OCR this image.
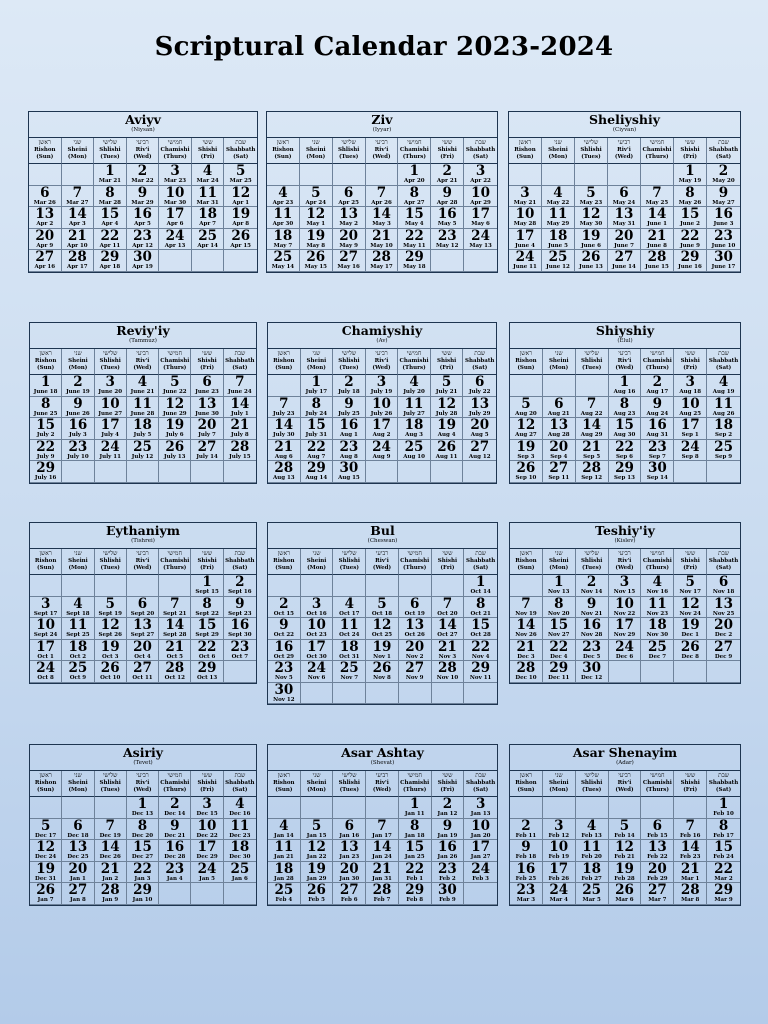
Scriptural Calendar 2023-2024
Aviyv
(Niysan)
ראשן
Rishon
(Sun)
שני
Sheini
(Mon)
שלישי
Shlishi
(Tues)
רביעי
Riv'i
(Wed)
חמישי
Chamishi
(Thurs)
ששי
Shishi
(Fri)
שבת
Shabbath
(Sat)
1
Mar 21
2
Mar 22
3
Mar 23
4
Mar 24
5
Mar 25
6
Mar 26
7
Mar 27
8
Mar 28
9
Mar 29
10
Mar 30
11
Mar 31
12
Apr 1
13
Apr 2
14
Apr 3
15
Apr 4
16
Apr 5
17
Apr 6
18
Apr 7
19
Apr 8
20
Apr 9
21
Apr 10
22
Apr 11
23
Apr 12
24
Apr 13
25
Apr 14
26
Apr 15
27
Apr 16
28
Apr 17
29
Apr 18
30
Apr 19
Ziv
(Iyyar)
ראשן
Rishon
(Sun)
שני
Sheini
(Mon)
שלישי
Shlishi
(Tues)
רביעי
Riv'i
(Wed)
חמישי
Chamishi
(Thurs)
ששי
Shishi
(Fri)
שבת
Shabbath
(Sat)
1
Apr 20
2
Apr 21
3
Apr 22
4
Apr 23
5
Apr 24
6
Apr 25
7
Apr 26
8
Apr 27
9
Apr 28
10
Apr 29
11
Apr 30
12
May 1
13
May 2
14
May 3
15
May 4
16
May 5
17
May 6
18
May 7
19
May 8
20
May 9
21
May 10
22
May 11
23
May 12
24
May 13
25
May 14
26
May 15
27
May 16
28
May 17
29
May 18
Sheliyshiy
(Ciyvan)
ראשן
Rishon
(Sun)
שני
Sheini
(Mon)
שלישי
Shlishi
(Tues)
רביעי
Riv'i
(Wed)
חמישי
Chamishi
(Thurs)
ששי
Shishi
(Fri)
שבת
Shabbath
(Sat)
1
May 19
2
May 20
3
May 21
4
May 22
5
May 23
6
May 24
7
May 25
8
May 26
9
May 27
10
May 28
11
May 29
12
May 30
13
May 31
14
June 1
15
June 2
16
June 3
17
June 4
18
June 5
19
June 6
20
June 7
21
June 8
22
June 9
23
June 10
24
June 11
25
June 12
26
June 13
27
June 14
28
June 15
29
June 16
30
June 17
Reviy'iy
(Tammuz)
ראשן
Rishon
(Sun)
שני
Sheini
(Mon)
שלישי
Shlishi
(Tues)
רביעי
Riv'i
(Wed)
חמישי
Chamishi
(Thurs)
ששי
Shishi
(Fri)
שבת
Shabbath
(Sat)
1
June 18
2
June 19
3
June 20
4
June 21
5
June 22
6
June 23
7
June 24
8
June 25
9
June 26
10
June 27
11
June 28
12
June 29
13
June 30
14
July 1
15
July 2
16
July 3
17
July 4
18
July 5
19
July 6
20
July 7
21
July 8
22
July 9
23
July 10
24
July 11
25
July 12
26
July 13
27
July 14
28
July 15
29
July 16
Chamiyshiy
(Av)
ראשן
Rishon
(Sun)
שני
Sheini
(Mon)
שלישי
Shlishi
(Tues)
רביעי
Riv'i
(Wed)
חמישי
Chamishi
(Thurs)
ששי
Shishi
(Fri)
שבת
Shabbath
(Sat)
1
July 17
2
July 18
3
July 19
4
July 20
5
July 21
6
July 22
7
July 23
8
July 24
9
July 25
10
July 26
11
July 27
12
July 28
13
July 29
14
July 30
15
July 31
16
Aug 1
17
Aug 2
18
Aug 3
19
Aug 4
20
Aug 5
21
Aug 6
22
Aug 7
23
Aug 8
24
Aug 9
25
Aug 10
26
Aug 11
27
Aug 12
28
Aug 13
29
Aug 14
30
Aug 15
Shiyshiy
(Elul)
ראשן
Rishon
(Sun)
שני
Sheini
(Mon)
שלישי
Shlishi
(Tues)
רביעי
Riv'i
(Wed)
חמישי
Chamishi
(Thurs)
ששי
Shishi
(Fri)
שבת
Shabbath
(Sat)
1
Aug 16
2
Aug 17
3
Aug 18
4
Aug 19
5
Aug 20
6
Aug 21
7
Aug 22
8
Aug 23
9
Aug 24
10
Aug 25
11
Aug 26
12
Aug 27
13
Aug 28
14
Aug 29
15
Aug 30
16
Aug 31
17
Sep 1
18
Sep 2
19
Sep 3
20
Sep 4
21
Sep 5
22
Sep 6
23
Sep 7
24
Sep 8
25
Sep 9
26
Sep 10
27
Sep 11
28
Sep 12
29
Sep 13
30
Sep 14
Eythaniym
(Tishrei)
ראשן
Rishon
(Sun)
שני
Sheini
(Mon)
שלישי
Shlishi
(Tues)
רביעי
Riv'i
(Wed)
חמישי
Chamishi
(Thurs)
ששי
Shishi
(Fri)
שבת
Shabbath
(Sat)
1
Sept 15
2
Sept 16
3
Sept 17
4
Sept 18
5
Sept 19
6
Sept 20
7
Sept 21
8
Sept 22
9
Sept 23
10
Sept 24
11
Sept 25
12
Sept 26
13
Sept 27
14
Sept 28
15
Sept 29
16
Sept 30
17
Oct 1
18
Oct 2
19
Oct 3
20
Oct 4
21
Oct 5
22
Oct 6
23
Oct 7
24
Oct 8
25
Oct 9
26
Oct 10
27
Oct 11
28
Oct 12
29
Oct 13
Bul
(Cheswan)
ראשן
Rishon
(Sun)
שני
Sheini
(Mon)
שלישי
Shlishi
(Tues)
רביעי
Riv'i
(Wed)
חמישי
Chamishi
(Thurs)
ששי
Shishi
(Fri)
שבת
Shabbath
(Sat)
1
Oct 14
2
Oct 15
3
Oct 16
4
Oct 17
5
Oct 18
6
Oct 19
7
Oct 20
8
Oct 21
9
Oct 22
10
Oct 23
11
Oct 24
12
Oct 25
13
Oct 26
14
Oct 27
15
Oct 28
16
Oct 29
17
Oct 30
18
Oct 31
19
Nov 1
20
Nov 2
21
Nov 3
22
Nov 4
23
Nov 5
24
Nov 6
25
Nov 7
26
Nov 8
27
Nov 9
28
Nov 10
29
Nov 11
30
Nov 12
Teshiy'iy
(Kislev)
ראשן
Rishon
(Sun)
שני
Sheini
(Mon)
שלישי
Shlishi
(Tues)
רביעי
Riv'i
(Wed)
חמישי
Chamishi
(Thurs)
ששי
Shishi
(Fri)
שבת
Shabbath
(Sat)
1
Nov 13
2
Nov 14
3
Nov 15
4
Nov 16
5
Nov 17
6
Nov 18
7
Nov 19
8
Nov 20
9
Nov 21
10
Nov 22
11
Nov 23
12
Nov 24
13
Nov 25
14
Nov 26
15
Nov 27
16
Nov 28
17
Nov 29
18
Nov 30
19
Dec 1
20
Dec 2
21
Dec 3
22
Dec 4
23
Dec 5
24
Dec 6
25
Dec 7
26
Dec 8
27
Dec 9
28
Dec 10
29
Dec 11
30
Dec 12
Asiriy
(Tevet)
ראשן
Rishon
(Sun)
שני
Sheini
(Mon)
שלישי
Shlishi
(Tues)
רביעי
Riv'i
(Wed)
חמישי
Chamishi
(Thurs)
ששי
Shishi
(Fri)
שבת
Shabbath
(Sat)
1
Dec 13
2
Dec 14
3
Dec 15
4
Dec 16
5
Dec 17
6
Dec 18
7
Dec 19
8
Dec 20
9
Dec 21
10
Dec 22
11
Dec 23
12
Dec 24
13
Dec 25
14
Dec 26
15
Dec 27
16
Dec 28
17
Dec 29
18
Dec 30
19
Dec 31
20
Jan 1
21
Jan 2
22
Jan 3
23
Jan 4
24
Jan 5
25
Jan 6
26
Jan 7
27
Jan 8
28
Jan 9
29
Jan 10
Asar Ashtay
(Shevat)
ראשן
Rishon
(Sun)
שני
Sheini
(Mon)
שלישי
Shlishi
(Tues)
רביעי
Riv'i
(Wed)
חמישי
Chamishi
(Thurs)
ששי
Shishi
(Fri)
שבת
Shabbath
(Sat)
1
Jan 11
2
Jan 12
3
Jan 13
4
Jan 14
5
Jan 15
6
Jan 16
7
Jan 17
8
Jan 18
9
Jan 19
10
Jan 20
11
Jan 21
12
Jan 22
13
Jan 23
14
Jan 24
15
Jan 25
16
Jan 26
17
Jan 27
18
Jan 28
19
Jan 29
20
Jan 30
21
Jan 31
22
Feb 1
23
Feb 2
24
Feb 3
25
Feb 4
26
Feb 5
27
Feb 6
28
Feb 7
29
Feb 8
30
Feb 9
Asar Shenayim
(Adar)
ראשן
Rishon
(Sun)
שני
Sheini
(Mon)
שלישי
Shlishi
(Tues)
רביעי
Riv'i
(Wed)
חמישי
Chamishi
(Thurs)
ששי
Shishi
(Fri)
שבת
Shabbath
(Sat)
1
Feb 10
2
Feb 11
3
Feb 12
4
Feb 13
5
Feb 14
6
Feb 15
7
Feb 16
8
Feb 17
9
Feb 18
10
Feb 19
11
Feb 20
12
Feb 21
13
Feb 22
14
Feb 23
15
Feb 24
16
Feb 25
17
Feb 26
18
Feb 27
19
Feb 28
20
Feb 29
21
Mar 1
22
Mar 2
23
Mar 3
24
Mar 4
25
Mar 5
26
Mar 6
27
Mar 7
28
Mar 8
29
Mar 9
